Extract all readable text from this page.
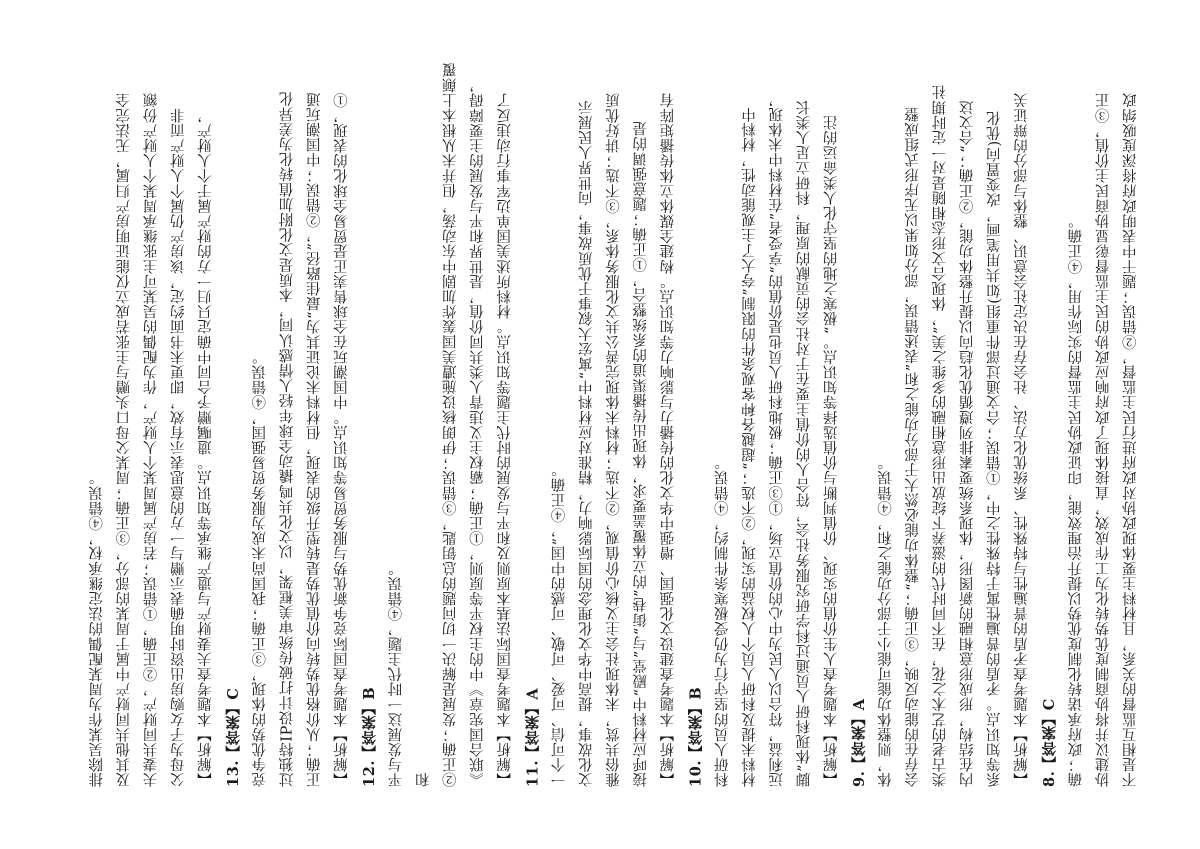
不是相互监督的关系，且材料主要体现政协对政府进行民主监督，②错误；题干中表明政府将深度吸纳政

协建议并将协商制度优势转化为工作成效，直接体现了政府响应政协的民主监督彰显协商民主价值，③正

确；政府承诺转化制度优势以提升治理效能，印证政协民主监督的实际作用，④正确。

8.【答案】C

【解析】本题考查矛盾的普遍性与特殊性、系统优化方法、社会存在决定社会意识、整体与部分的辩证关

系等知识点。矛盾的普遍性寓于特殊性之中，①错误；合文通过部件重组(如共用笔画，改变置向)优化

内在结构，形成形意相融的新图形，体现系统要素排列遵循优化趋向以提升整体功能，②正确；“合文这

类古老的艺术之花，在不同时代的滋养下绽放出形意相融的多维之美”，体现合文形态相随是对一定时期社

会存在的能动反映，③正确；“整体功能必然大于部分功能之和”表述错误，部分如果以无序形式组成整

体，则整体功能可能小于部分功能之和，④错误。

9.【答案】A

【解析】本题考查人生价值的实现、价值判断与价值选择等知识点。“极寒之地的坚守化人类命运的注

脚”体现科研人员通过科学研究服务社会，符合人的价值主要在于对社会的贡献的原理，科研立足人类长

远利益，符合以人民为中心的价值立场，①③正确；极地科研人员也是价值的“享受者”在材料中未体现，

材料未提及科研人员个人权益的实现，②不选；“超越各种客观条件的限制”夸大了主观能动性，材料中

科研人员的坚守行为仍受极寒条件制约，④错误。

10.【答案】B

【解析】本题考查建设文化强国、增强中华文化的传播力与影响力等知识点。构建全媒体立体传播矩阵有

接呼应材料中“殿堂”与“街巷”的立体覆盖要求，体现出传播渠道的系统整合，①正确；题意强调的是

雅俗共赏，未体现社会主义核心价值观，②不选；材料未体现完善公共文化服务体系，③不选；讲好优质

文化故事，提高中华文化理念的国际影响力，精准对应材料中“寓宏大叙事于优质故事，向世界人民展示

一个可信、可爱、可敬、可感的中国”，④正确。

11.【答案】A

【解析】本题考查国际法基本原则及和平与发展的时代主题等知识点。材料所述美国单边军事行动违反了

《联合国宪章》中的主权平等原则，①正确；霸权主义违背人类共同价值，是世界和平与发展的主要障碍，

②正确；发展是解决一切问题的总钥匙，③错误；伊朗核设施遭美国轰炸加剧中东动荡，但并未从根本上颠覆和

平与发展这一时代主题，④错误。

12.【答案】B

【解析】本题考查国际竞争新优势与服务贸易等知识点。中国潮玩在全球售卖正是贸易全球化的表现，①

正确；从价格优势转向价值优势是转型升级的表现，但材料未论证其为“最佳路径”，②错误；中国潮玩通

过独特IP设计打破传统审美框架，以文化共鸣撬动全球年轻人情感认同，本质是文化附加值转化为差异化

竞争优势的体现，③正确；我国尚未成为服务贸易强国，④错误。

13.【答案】C

【解析】本题考查夫妻财产与遗产继承等知识点。遗嘱赠予合同中确定只归一方的财产属于个人财产，

父母为子女购房出资时明确表示赠与一方的意思表示有效，即更未书面约定，该房产仍属个人财产而非

夫妻共同财产，②正确，①错误；若房产属周某个人财产，作为配偶的吴某可主张继承周某个人财产份额

及其他共同财产中属于周某的部分，③正确；周某父母口头赠与主张若成立仅能证明房产归属，无法完全

排除吴某作为周某配偶的法定继承权，④错误。
